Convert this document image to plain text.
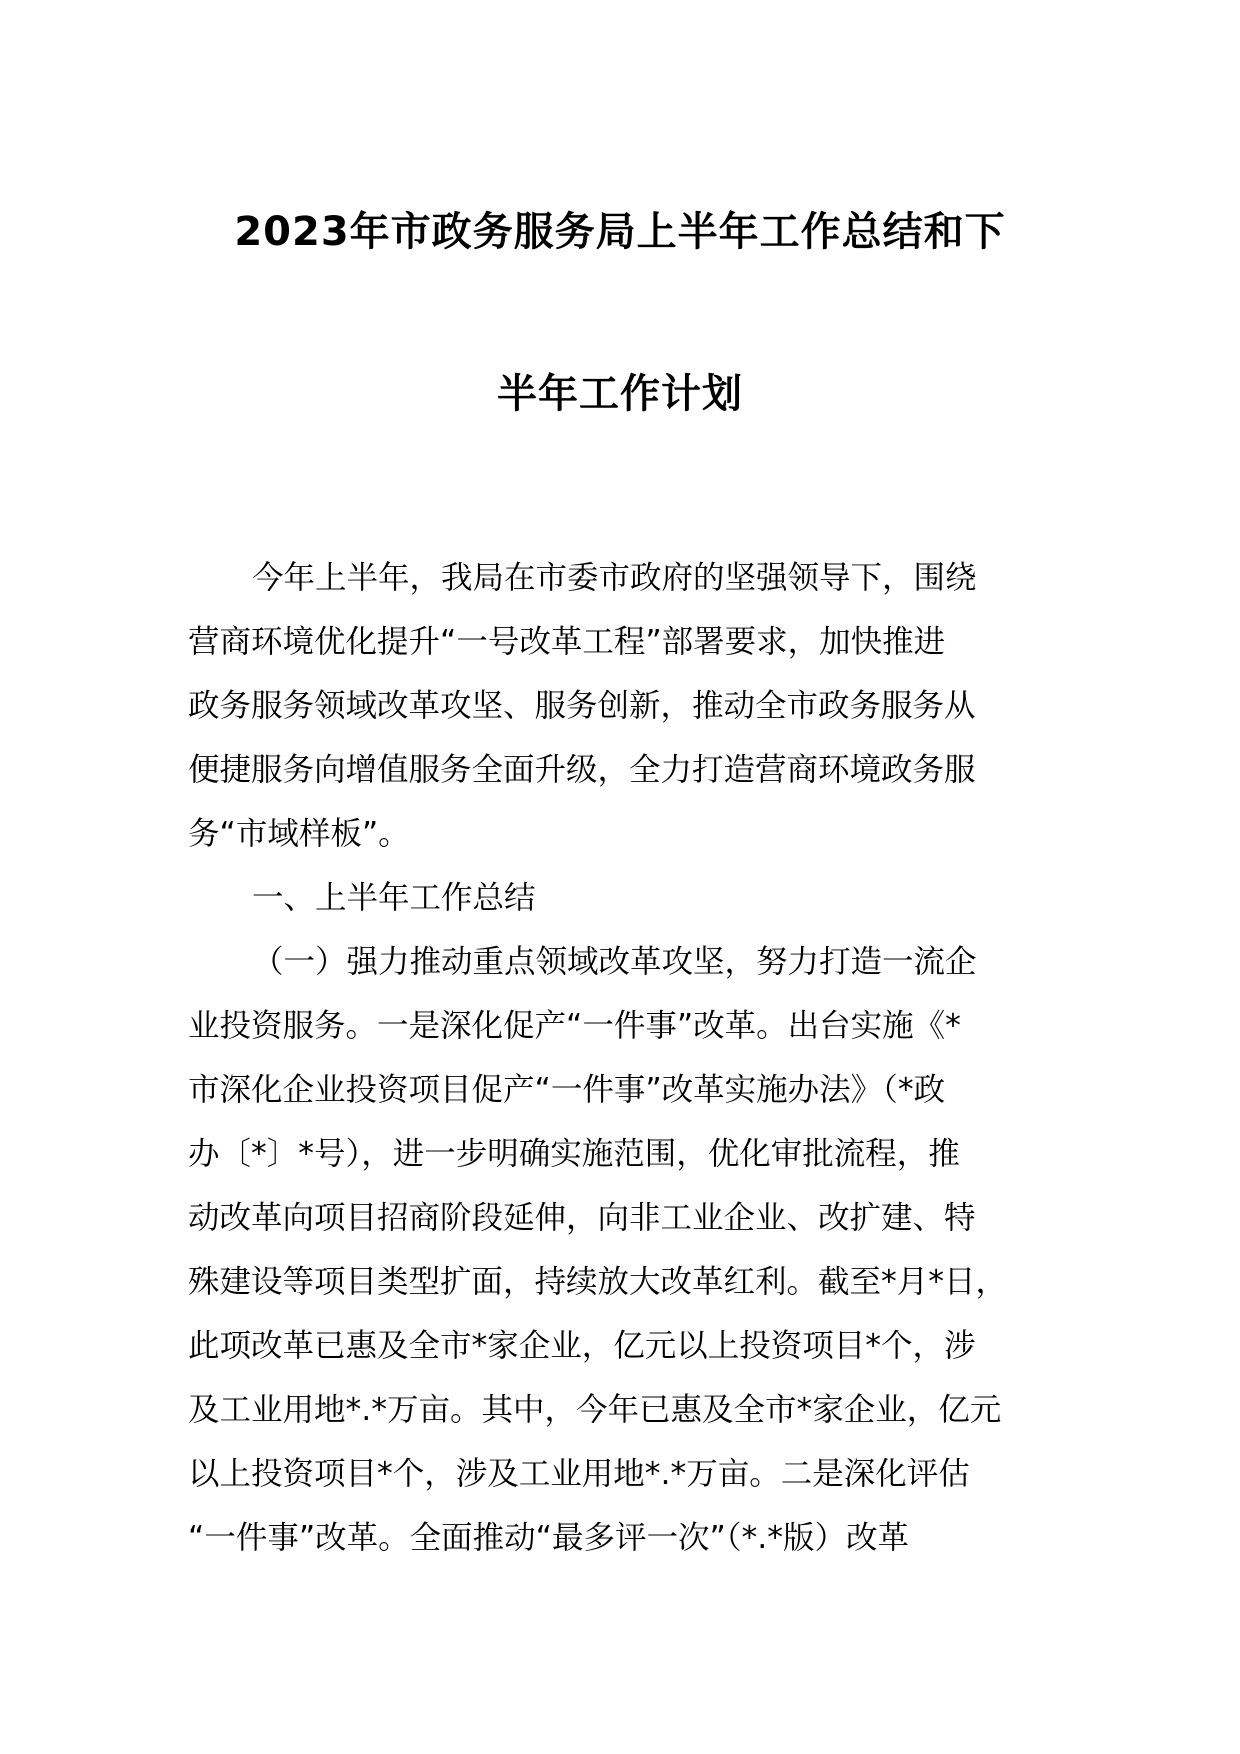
2023年市政务服务局上半年工作总结和下
半年工作计划

今年上半年，我局在市委市政府的坚强领导下，围绕

营商环境优化提升“一号改革工程”部署要求，加快推进

政务服务领域改革攻坚、服务创新，推动全市政务服务从

便捷服务向增值服务全面升级，全力打造营商环境政务服

务“市域样板”。

一、上半年工作总结

（一）强力推动重点领域改革攻坚，努力打造一流企

业投资服务。一是深化促产“一件事”改革。出台实施《*

市深化企业投资项目促产“一件事”改革实施办法》（*政

办〔*〕*号），进一步明确实施范围，优化审批流程，推

动改革向项目招商阶段延伸，向非工业企业、改扩建、特

殊建设等项目类型扩面，持续放大改革红利。截至*月*日，

此项改革已惠及全市*家企业，亿元以上投资项目*个，涉

及工业用地*.*万亩。其中，今年已惠及全市*家企业，亿元

以上投资项目*个，涉及工业用地*.*万亩。二是深化评估

“一件事”改革。全面推动“最多评一次”（*.*版）改革
